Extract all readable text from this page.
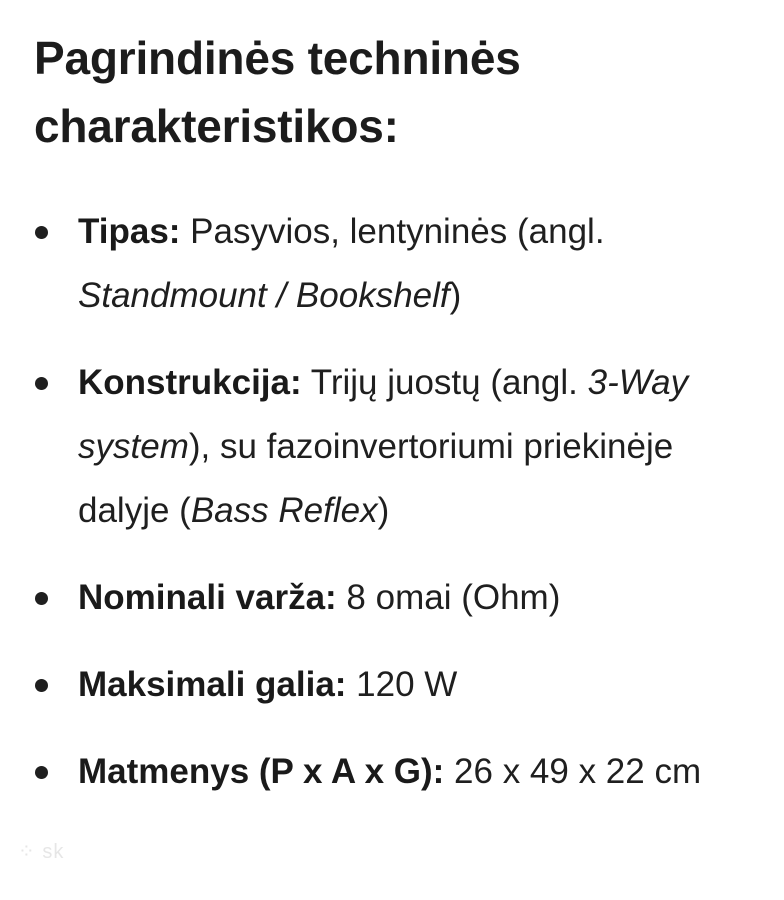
Pagrindinės techninės charakteristikos:
Tipas: Pasyvios, lentyninės (angl. Standmount / Bookshelf)
Konstrukcija: Trijų juostų (angl. 3-Way system), su fazoinvertoriumi priekinėje dalyje (Bass Reflex)
Nominali varža: 8 omai (Ohm)
Maksimali galia: 120 W
Matmenys (P x A x G): 26 x 49 x 22 cm
⁘ sk
